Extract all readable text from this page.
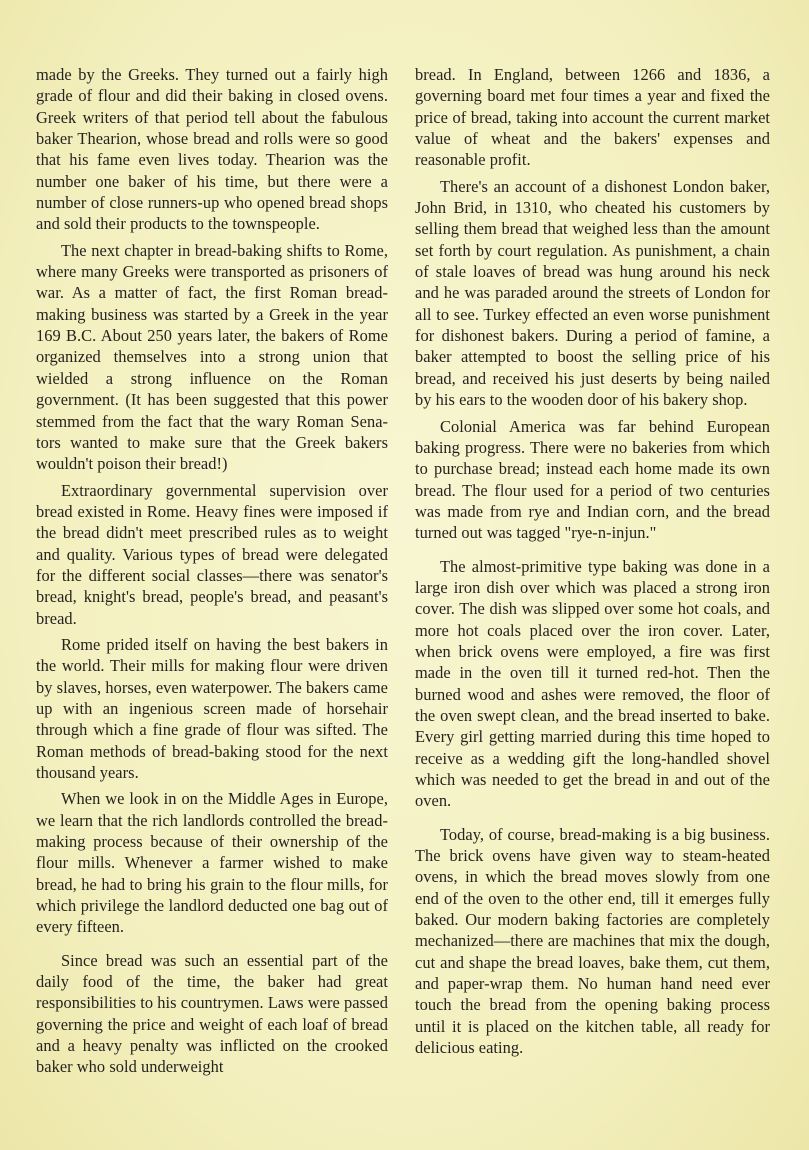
made by the Greeks. They turned out a fairly high grade of flour and did their baking in closed ovens. Greek writers of that period tell about the fabulous baker Thearion, whose bread and rolls were so good that his fame even lives today. Thearion was the number one baker of his time, but there were a number of close runners-up who opened bread shops and sold their products to the townspeople.

The next chapter in bread-baking shifts to Rome, where many Greeks were transported as prisoners of war. As a matter of fact, the first Roman bread-making business was started by a Greek in the year 169 B.C. About 250 years later, the bakers of Rome organized themselves into a strong union that wielded a strong influence on the Roman government. (It has been suggested that this power stemmed from the fact that the wary Roman Senators wanted to make sure that the Greek bakers wouldn't poison their bread!)

Extraordinary governmental supervision over bread existed in Rome. Heavy fines were imposed if the bread didn't meet prescribed rules as to weight and quality. Various types of bread were delegated for the different social classes—there was senator's bread, knight's bread, people's bread, and peasant's bread.

Rome prided itself on having the best bakers in the world. Their mills for making flour were driven by slaves, horses, even waterpower. The bakers came up with an ingenious screen made of horsehair through which a fine grade of flour was sifted. The Roman methods of bread-baking stood for the next thousand years.

When we look in on the Middle Ages in Europe, we learn that the rich landlords controlled the bread-making process because of their ownership of the flour mills. Whenever a farmer wished to make bread, he had to bring his grain to the flour mills, for which privilege the landlord deducted one bag out of every fifteen.

Since bread was such an essential part of the daily food of the time, the baker had great responsibilities to his countrymen. Laws were passed governing the price and weight of each loaf of bread and a heavy penalty was inflicted on the crooked baker who sold underweight

bread. In England, between 1266 and 1836, a governing board met four times a year and fixed the price of bread, taking into account the current market value of wheat and the bakers' expenses and reasonable profit.

There's an account of a dishonest London baker, John Brid, in 1310, who cheated his customers by selling them bread that weighed less than the amount set forth by court regulation. As punishment, a chain of stale loaves of bread was hung around his neck and he was paraded around the streets of London for all to see. Turkey effected an even worse punishment for dishonest bakers. During a period of famine, a baker attempted to boost the selling price of his bread, and received his just deserts by being nailed by his ears to the wooden door of his bakery shop.

Colonial America was far behind European baking progress. There were no bakeries from which to purchase bread; instead each home made its own bread. The flour used for a period of two centuries was made from rye and Indian corn, and the bread turned out was tagged "rye-n-injun."

The almost-primitive type baking was done in a large iron dish over which was placed a strong iron cover. The dish was slipped over some hot coals, and more hot coals placed over the iron cover. Later, when brick ovens were employed, a fire was first made in the oven till it turned red-hot. Then the burned wood and ashes were removed, the floor of the oven swept clean, and the bread inserted to bake. Every girl getting married during this time hoped to receive as a wedding gift the long-handled shovel which was needed to get the bread in and out of the oven.

Today, of course, bread-making is a big business. The brick ovens have given way to steam-heated ovens, in which the bread moves slowly from one end of the oven to the other end, till it emerges fully baked. Our modern baking factories are completely mechanized—there are machines that mix the dough, cut and shape the bread loaves, bake them, cut them, and paper-wrap them. No human hand need ever touch the bread from the opening baking process until it is placed on the kitchen table, all ready for delicious eating.
